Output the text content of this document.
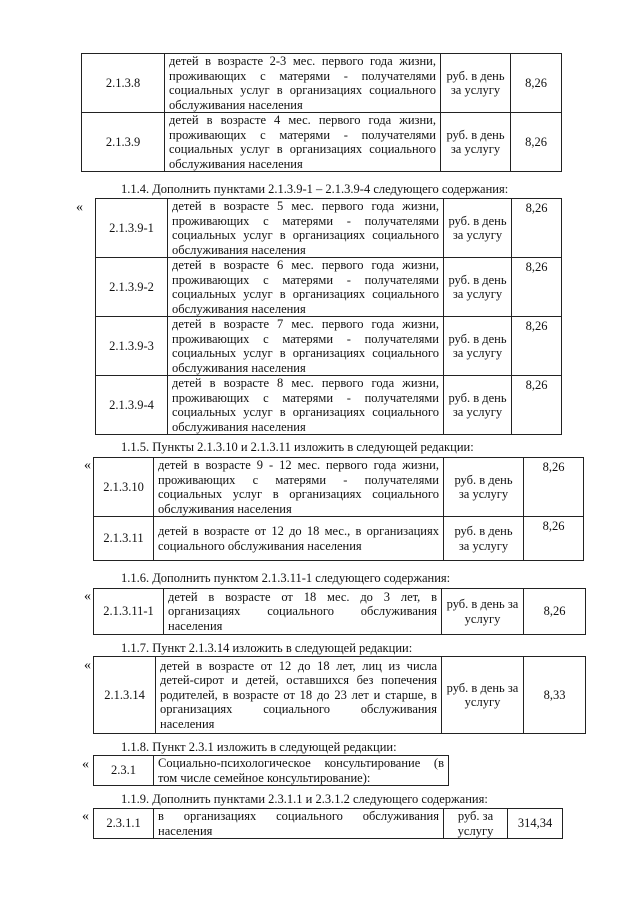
2.1.3.8	детей в возрасте 2-3 мес. первого года жизни, проживающих с матерями - получателями социальных услуг в организациях социального обслуживания населения	руб. в день за услугу	8,26
2.1.3.9	детей в возрасте 4 мес. первого года жизни, проживающих с матерями - получателями социальных услуг в организациях социального обслуживания населения	руб. в день за услугу	8,26
1.1.4. Дополнить пунктами 2.1.3.9-1 – 2.1.3.9-4 следующего содержания:
«
2.1.3.9-1	детей в возрасте 5 мес. первого года жизни, проживающих с матерями - получателями социальных услуг в организациях социального обслуживания населения	руб. в день за услугу	8,26
2.1.3.9-2	детей в возрасте 6 мес. первого года жизни, проживающих с матерями - получателями социальных услуг в организациях социального обслуживания населения	руб. в день за услугу	8,26
2.1.3.9-3	детей в возрасте 7 мес. первого года жизни, проживающих с матерями - получателями социальных услуг в организациях социального обслуживания населения	руб. в день за услугу	8,26
2.1.3.9-4	детей в возрасте 8 мес. первого года жизни, проживающих с матерями - получателями социальных услуг в организациях социального обслуживания населения	руб. в день за услугу	8,26
1.1.5. Пункты 2.1.3.10 и 2.1.3.11 изложить в следующей редакции:
«
2.1.3.10	детей в возрасте 9 - 12 мес. первого года жизни, проживающих с матерями - получателями социальных услуг в организациях социального обслуживания населения	руб. в день за услугу	8,26
2.1.3.11	детей в возрасте от 12 до 18 мес., в организациях социального обслуживания населения	руб. в день за услугу	8,26
1.1.6. Дополнить пунктом 2.1.3.11-1 следующего содержания:
«
2.1.3.11-1	детей в возрасте от 18 мес. до 3 лет, в организациях социального обслуживания населения	руб. в день за услугу	8,26
1.1.7. Пункт 2.1.3.14 изложить в следующей редакции:
«
2.1.3.14	детей в возрасте от 12 до 18 лет, лиц из числа детей-сирот и детей, оставшихся без попечения родителей, в возрасте от 18 до 23 лет и старше, в организациях социального обслуживания населения	руб. в день за услугу	8,33
1.1.8. Пункт 2.3.1 изложить в следующей редакции:
« 2.3.1	Социально-психологическое консультирование (в том числе семейное консультирование):
1.1.9. Дополнить пунктами 2.3.1.1 и 2.3.1.2 следующего содержания:
« 2.3.1.1	в организациях социального обслуживания населения	руб. за услугу	314,34
